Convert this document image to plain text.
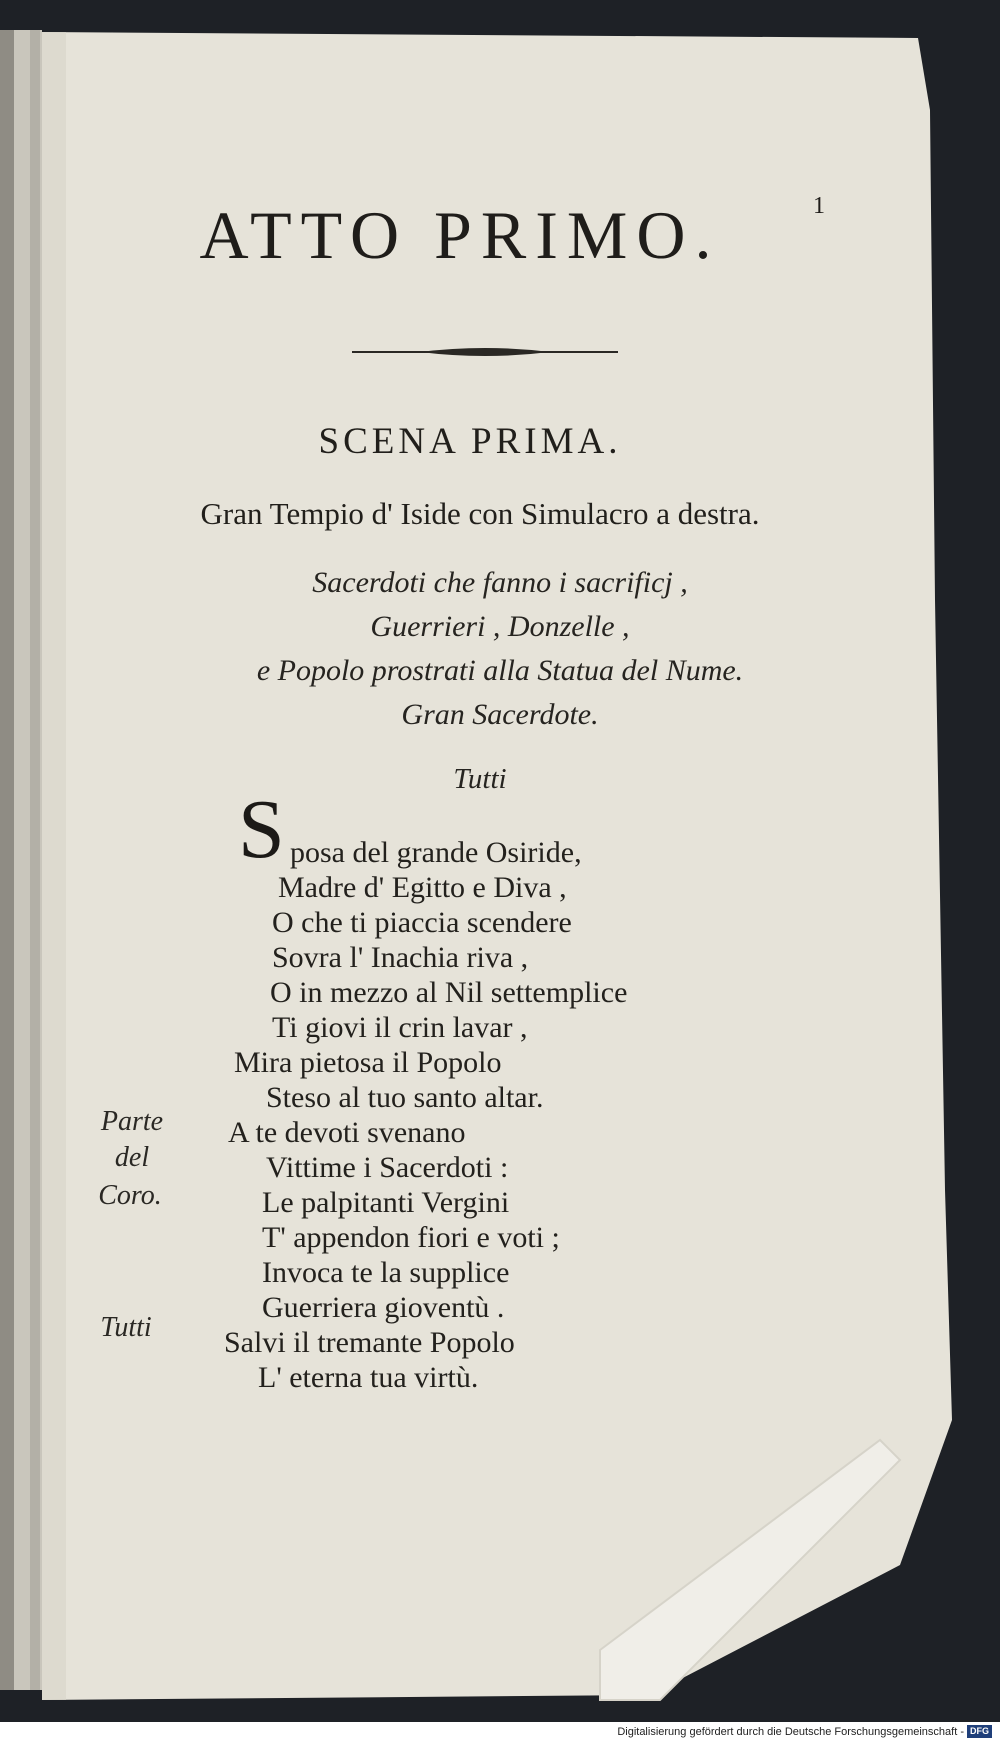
ATTO PRIMO.	1
SCENA PRIMA.
Gran Tempio d' Iside con Simulacro a destra.
Sacerdoti che fanno i sacrificj ,
Guerrieri , Donzelle ,
e Popolo prostrati alla Statua del Nume.
Gran Sacerdote.
Tutti
S posa del grande Osiride,
Madre d' Egitto e Diva ,
O che ti piaccia scendere
Sovra l' Inachia riva ,
O in mezzo al Nil settemplice
Ti giovi il crin lavar ,
Mira pietosa il Popolo
Steso al tuo santo altar.
A te devoti svenano
Vittime i Sacerdoti :
Le palpitanti Vergini
T' appendon fiori e voti ;
Invoca te la supplice
Guerriera gioventù .
Salvi il tremante Popolo
L' eterna tua virtù.
Parte
del
Coro.
Tutti
Digitalisierung gefördert durch die Deutsche Forschungsgemeinschaft - DFG
